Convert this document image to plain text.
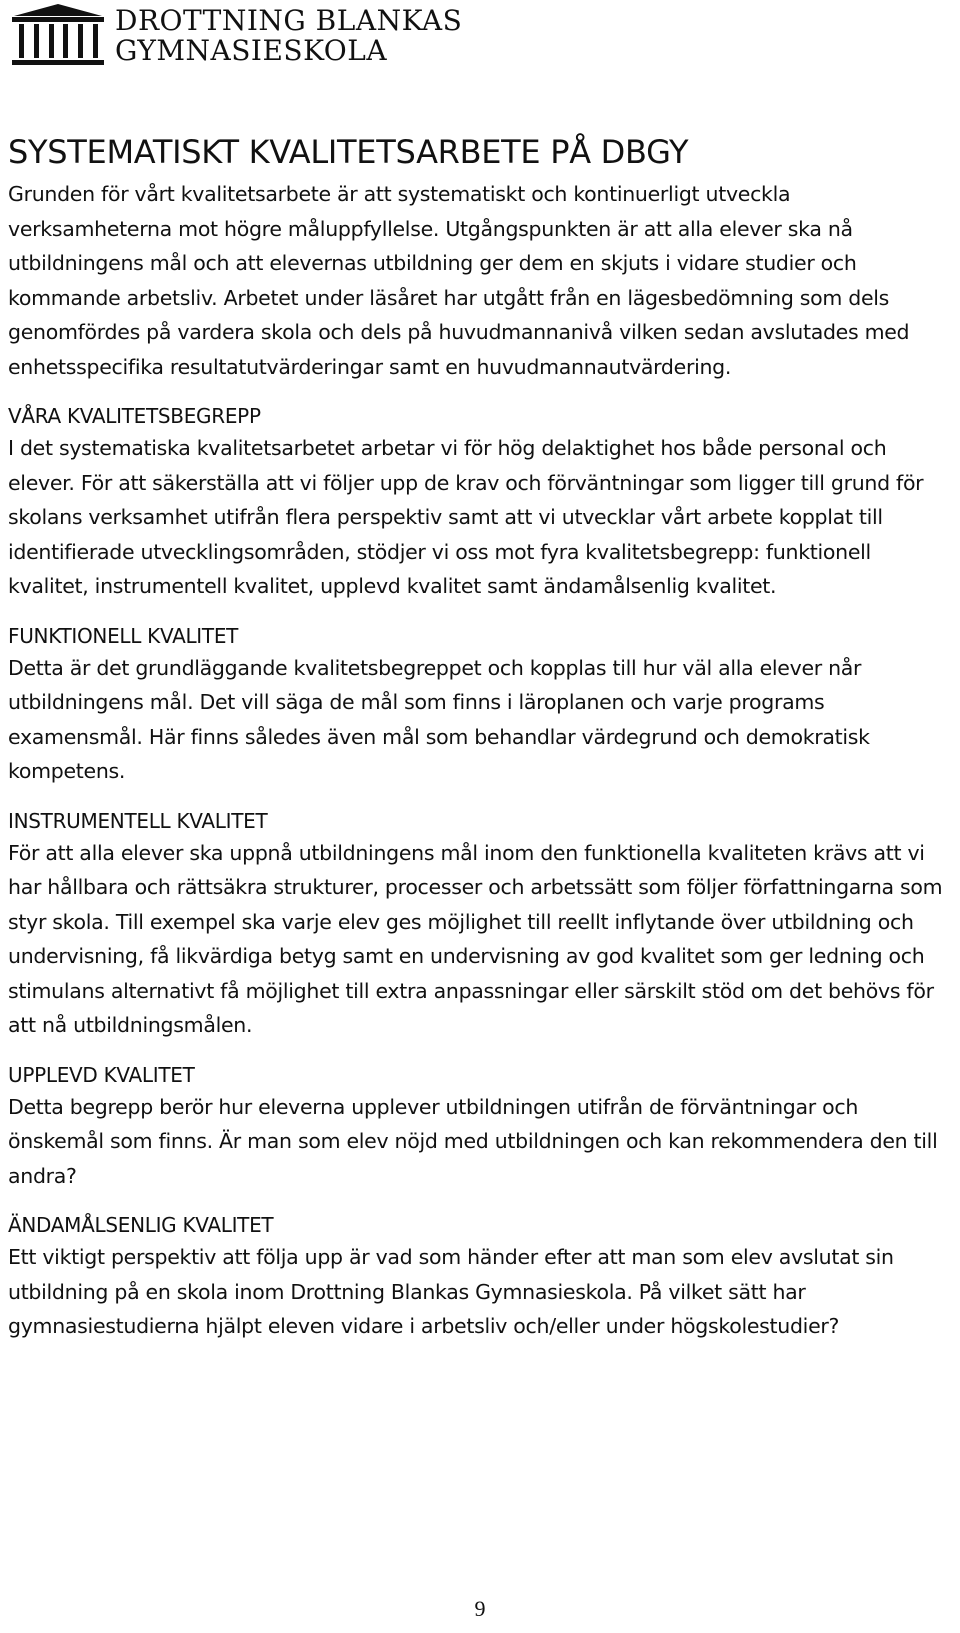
DROTTNING BLANKAS
GYMNASIESKOLA
SYSTEMATISKT KVALITETSARBETE PÅ DBGY

Grunden för vårt kvalitetsarbete är att systematiskt och kontinuerligt utveckla verksamheterna mot högre måluppfyllelse. Utgångspunkten är att alla elever ska nå utbildningens mål och att elevernas utbildning ger dem en skjuts i vidare studier och kommande arbetsliv. Arbetet under läsåret har utgått från en lägesbedömning som dels genomfördes på vardera skola och dels på huvudmannanivå vilken sedan avslutades med enhetsspecifika resultatutvärderingar samt en huvudmannautvärdering.

VÅRA KVALITETSBEGREPP

I det systematiska kvalitetsarbetet arbetar vi för hög delaktighet hos både personal och elever. För att säkerställa att vi följer upp de krav och förväntningar som ligger till grund för skolans verksamhet utifrån flera perspektiv samt att vi utvecklar vårt arbete kopplat till identifierade utvecklingsområden, stödjer vi oss mot fyra kvalitetsbegrepp: funktionell kvalitet, instrumentell kvalitet, upplevd kvalitet samt ändamålsenlig kvalitet.

FUNKTIONELL KVALITET

Detta är det grundläggande kvalitetsbegreppet och kopplas till hur väl alla elever når utbildningens mål. Det vill säga de mål som finns i läroplanen och varje programs examensmål. Här finns således även mål som behandlar värdegrund och demokratisk kompetens.

INSTRUMENTELL KVALITET

För att alla elever ska uppnå utbildningens mål inom den funktionella kvaliteten krävs att vi har hållbara och rättsäkra strukturer, processer och arbetssätt som följer författningarna som styr skola. Till exempel ska varje elev ges möjlighet till reellt inflytande över utbildning och undervisning, få likvärdiga betyg samt en undervisning av god kvalitet som ger ledning och stimulans alternativt få möjlighet till extra anpassningar eller särskilt stöd om det behövs för att nå utbildningsmålen.

UPPLEVD KVALITET

Detta begrepp berör hur eleverna upplever utbildningen utifrån de förväntningar och önskemål som finns. Är man som elev nöjd med utbildningen och kan rekommendera den till andra?

ÄNDAMÅLSENLIG KVALITET

Ett viktigt perspektiv att följa upp är vad som händer efter att man som elev avslutat sin utbildning på en skola inom Drottning Blankas Gymnasieskola. På vilket sätt har gymnasiestudierna hjälpt eleven vidare i arbetsliv och/eller under högskolestudier?

9
